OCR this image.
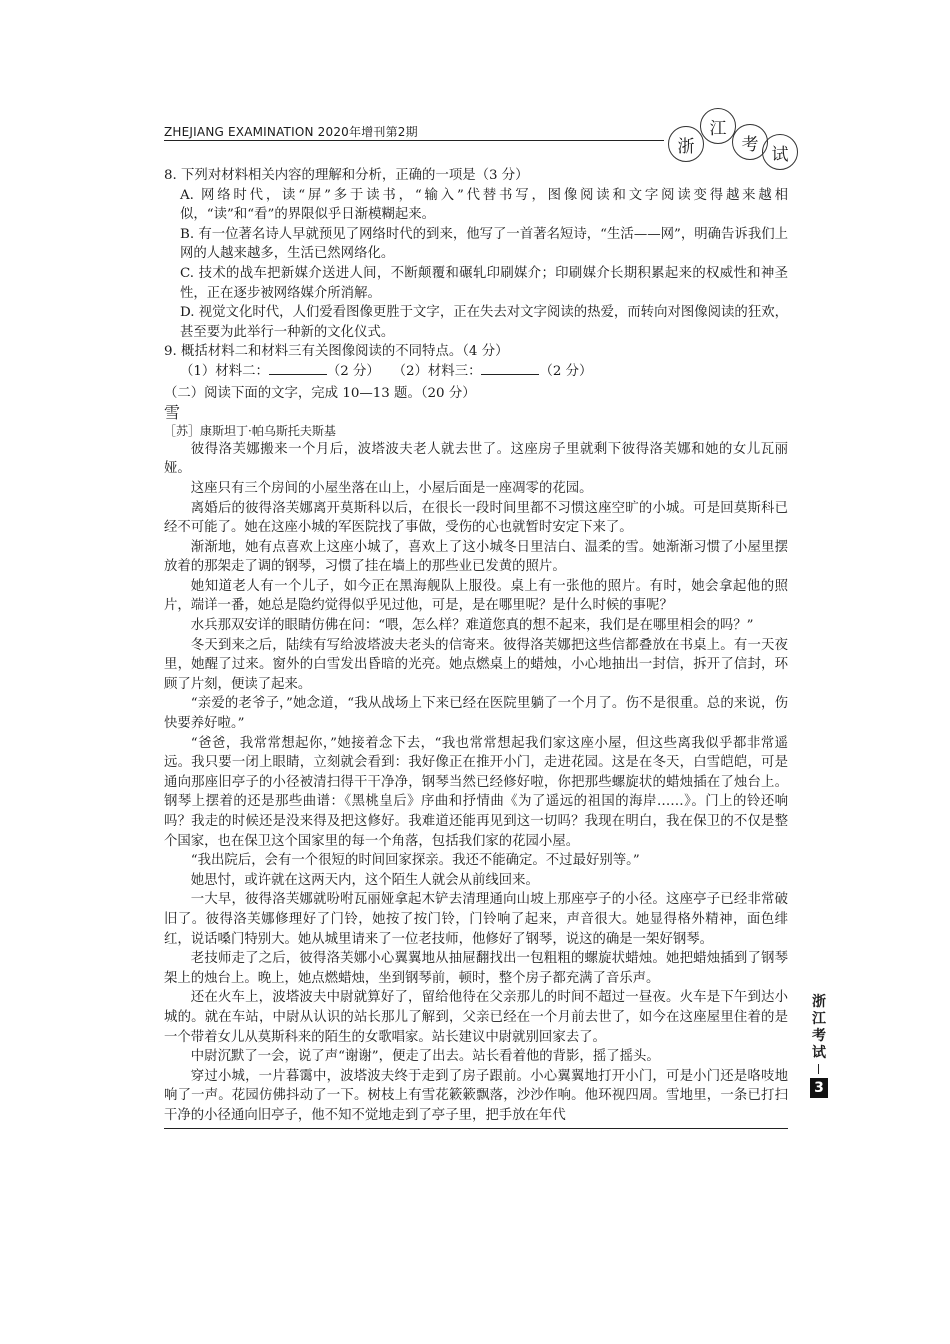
ZHEJIANG EXAMINATION 2020年增刊第2期
浙
江
考 试

8. 下列对材料相关内容的理解和分析，正确的一项是（3 分）

A. 网络时代，读“屏”多于读书，“输入”代替书写，图像阅读和文字阅读变得越来越相似，“读”和“看”的界限似乎日渐模糊起来。

B. 有一位著名诗人早就预见了网络时代的到来，他写了一首著名短诗，“生活——网”，明确告诉我们上网的人越来越多，生活已然网络化。

C. 技术的战车把新媒介送进人间，不断颠覆和碾轧印刷媒介；印刷媒介长期积累起来的权威性和神圣性，正在逐步被网络媒介所消解。

D. 视觉文化时代，人们爱看图像更胜于文字，正在失去对文字阅读的热爱，而转向对图像阅读的狂欢，甚至要为此举行一种新的文化仪式。

9. 概括材料二和材料三有关图像阅读的不同特点。（4 分）

（1）材料二：	（2 分） （2）材料三：	（2 分）

（二）阅读下面的文字，完成 10—13 题。（20 分）

雪

［苏］康斯坦丁·帕乌斯托夫斯基

彼得洛芙娜搬来一个月后，波塔波夫老人就去世了。这座房子里就剩下彼得洛芙娜和她的女儿瓦丽娅。

这座只有三个房间的小屋坐落在山上，小屋后面是一座凋零的花园。

离婚后的彼得洛芙娜离开莫斯科以后，在很长一段时间里都不习惯这座空旷的小城。可是回莫斯科已经不可能了。她在这座小城的军医院找了事做，受伤的心也就暂时安定下来了。

渐渐地，她有点喜欢上这座小城了，喜欢上了这小城冬日里洁白、温柔的雪。她渐渐习惯了小屋里摆放着的那架走了调的钢琴，习惯了挂在墙上的那些业已发黄的照片。

她知道老人有一个儿子，如今正在黑海舰队上服役。桌上有一张他的照片。有时，她会拿起他的照片，端详一番，她总是隐约觉得似乎见过他，可是，是在哪里呢？是什么时候的事呢？

水兵那双安详的眼睛仿佛在问：“喂，怎么样？难道您真的想不起来，我们是在哪里相会的吗？”

冬天到来之后，陆续有写给波塔波夫老头的信寄来。彼得洛芙娜把这些信都叠放在书桌上。有一天夜里，她醒了过来。窗外的白雪发出昏暗的光亮。她点燃桌上的蜡烛，小心地抽出一封信，拆开了信封，环顾了片刻，便读了起来。

“亲爱的老爷子，”她念道，“我从战场上下来已经在医院里躺了一个月了。伤不是很重。总的来说，伤快要养好啦。”

“爸爸，我常常想起你，”她接着念下去，“我也常常想起我们家这座小屋，但这些离我似乎都非常遥远。我只要一闭上眼睛，立刻就会看到：我好像正在推开小门，走进花园。这是在冬天，白雪皑皑，可是通向那座旧亭子的小径被清扫得干干净净，钢琴当然已经修好啦，你把那些螺旋状的蜡烛插在了烛台上。钢琴上摆着的还是那些曲谱：《黑桃皇后》序曲和抒情曲《为了遥远的祖国的海岸……》。门上的铃还响吗？我走的时候还是没来得及把这修好。我难道还能再见到这一切吗？我现在明白，我在保卫的不仅是整个国家，也在保卫这个国家里的每一个角落，包括我们家的花园小屋。

“我出院后，会有一个很短的时间回家探亲。我还不能确定。不过最好别等。”

她思忖，或许就在这两天内，这个陌生人就会从前线回来。

一大早，彼得洛芙娜就吩咐瓦丽娅拿起木铲去清理通向山坡上那座亭子的小径。这座亭子已经非常破旧了。彼得洛芙娜修理好了门铃，她按了按门铃，门铃响了起来，声音很大。她显得格外精神，面色绯红，说话嗓门特别大。她从城里请来了一位老技师，他修好了钢琴，说这的确是一架好钢琴。

老技师走了之后，彼得洛芙娜小心翼翼地从抽屉翻找出一包粗粗的螺旋状蜡烛。她把蜡烛插到了钢琴架上的烛台上。晚上，她点燃蜡烛，坐到钢琴前，顿时，整个房子都充满了音乐声。

还在火车上，波塔波夫中尉就算好了，留给他待在父亲那儿的时间不超过一昼夜。火车是下午到达小城的。就在车站，中尉从认识的站长那儿了解到，父亲已经在一个月前去世了，如今在这座屋里住着的是一个带着女儿从莫斯科来的陌生的女歌唱家。站长建议中尉就别回家去了。

中尉沉默了一会，说了声“谢谢”，便走了出去。站长看着他的背影，摇了摇头。

穿过小城，一片暮霭中，波塔波夫终于走到了房子跟前。小心翼翼地打开小门，可是小门还是咯吱地响了一声。花园仿佛抖动了一下。树枝上有雪花簌簌飘落，沙沙作响。他环视四周。雪地里，一条已打扫干净的小径通向旧亭子，他不知不觉地走到了亭子里，把手放在年代

浙江考试
3
